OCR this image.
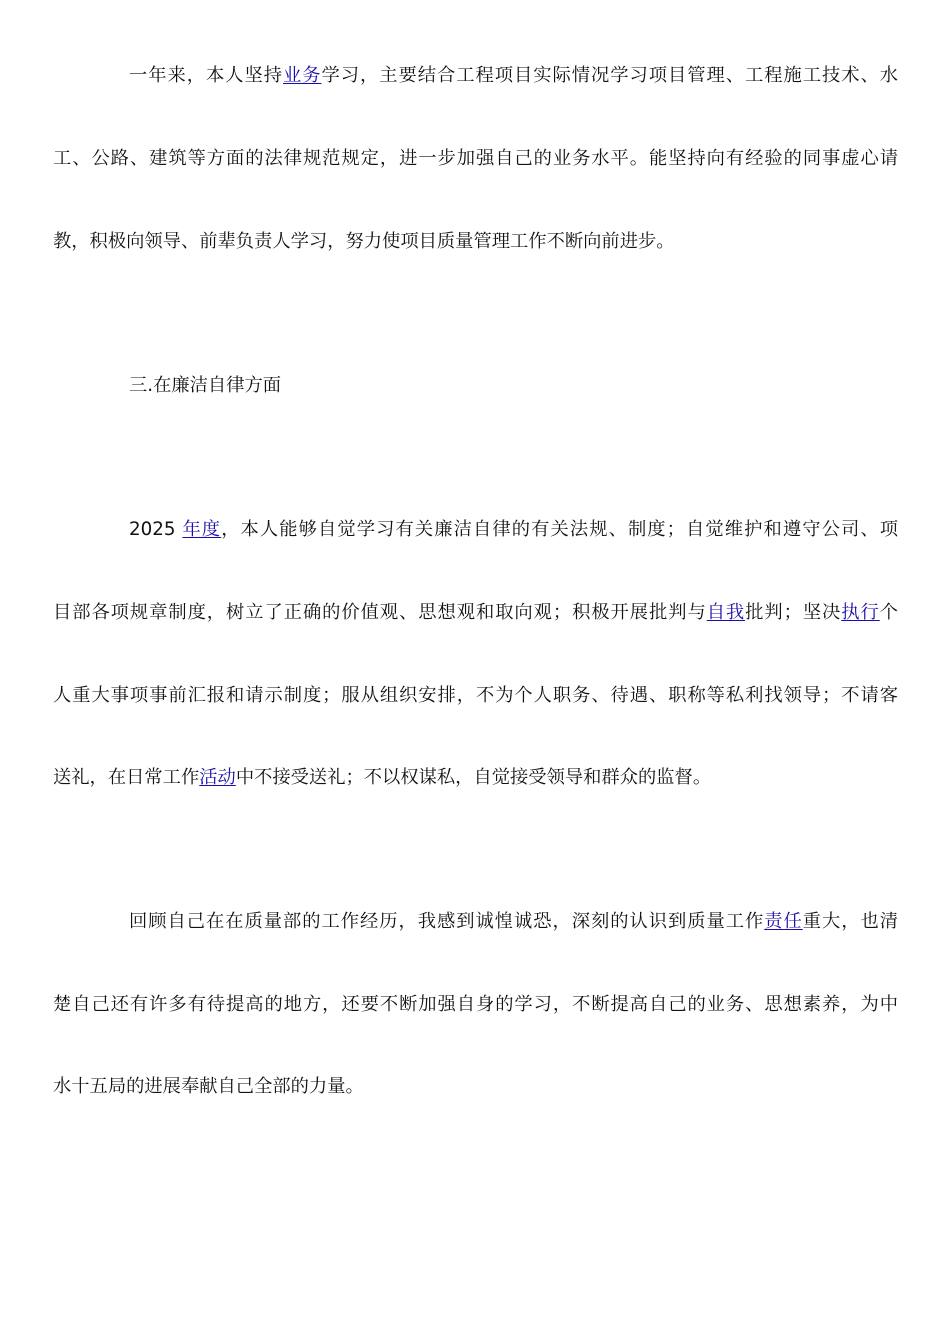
一年来，本人坚持业务学习，主要结合工程项目实际情况学习项目管理、工程施工技术、水
工、公路、建筑等方面的法律规范规定，进一步加强自己的业务水平。能坚持向有经验的同事虚心请
教，积极向领导、前辈负责人学习，努力使项目质量管理工作不断向前进步。
三.在廉洁自律方面
2025 年度，本人能够自觉学习有关廉洁自律的有关法规、制度；自觉维护和遵守公司、项
目部各项规章制度，树立了正确的价值观、思想观和取向观；积极开展批判与自我批判；坚决执行个
人重大事项事前汇报和请示制度；服从组织安排，不为个人职务、待遇、职称等私利找领导；不请客
送礼，在日常工作活动中不接受送礼；不以权谋私，自觉接受领导和群众的监督。
回顾自己在在质量部的工作经历，我感到诚惶诚恐，深刻的认识到质量工作责任重大，也清
楚自己还有许多有待提高的地方，还要不断加强自身的学习，不断提高自己的业务、思想素养，为中
水十五局的进展奉献自己全部的力量。
